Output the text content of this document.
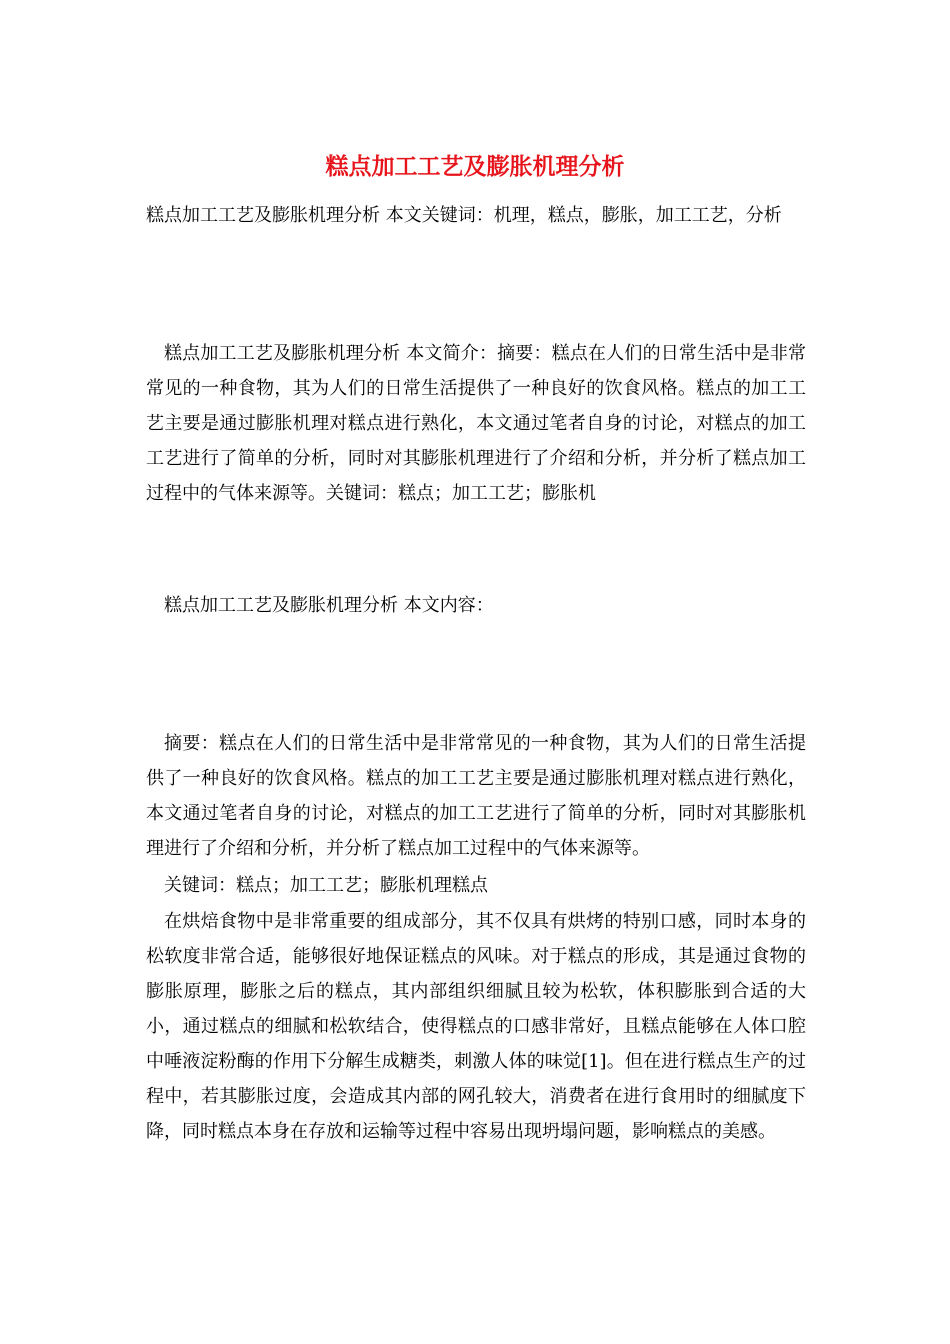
糕点加工工艺及膨胀机理分析

糕点加工工艺及膨胀机理分析 本文关键词：机理，糕点，膨胀，加工工艺，分析

糕点加工工艺及膨胀机理分析 本文简介：摘要：糕点在人们的日常生活中是非常常见的一种食物，其为人们的日常生活提供了一种良好的饮食风格。糕点的加工工艺主要是通过膨胀机理对糕点进行熟化，本文通过笔者自身的讨论，对糕点的加工工艺进行了简单的分析，同时对其膨胀机理进行了介绍和分析，并分析了糕点加工过程中的气体来源等。关键词：糕点；加工工艺；膨胀机

糕点加工工艺及膨胀机理分析 本文内容：

摘要：糕点在人们的日常生活中是非常常见的一种食物，其为人们的日常生活提供了一种良好的饮食风格。糕点的加工工艺主要是通过膨胀机理对糕点进行熟化，本文通过笔者自身的讨论，对糕点的加工工艺进行了简单的分析，同时对其膨胀机理进行了介绍和分析，并分析了糕点加工过程中的气体来源等。

关键词：糕点；加工工艺；膨胀机理糕点

在烘焙食物中是非常重要的组成部分，其不仅具有烘烤的特别口感，同时本身的松软度非常合适，能够很好地保证糕点的风味。对于糕点的形成，其是通过食物的膨胀原理，膨胀之后的糕点，其内部组织细腻且较为松软，体积膨胀到合适的大小，通过糕点的细腻和松软结合，使得糕点的口感非常好，且糕点能够在人体口腔中唾液淀粉酶的作用下分解生成糖类，刺激人体的味觉[1]。但在进行糕点生产的过程中，若其膨胀过度，会造成其内部的网孔较大，消费者在进行食用时的细腻度下降，同时糕点本身在存放和运输等过程中容易出现坍塌问题，影响糕点的美感。
